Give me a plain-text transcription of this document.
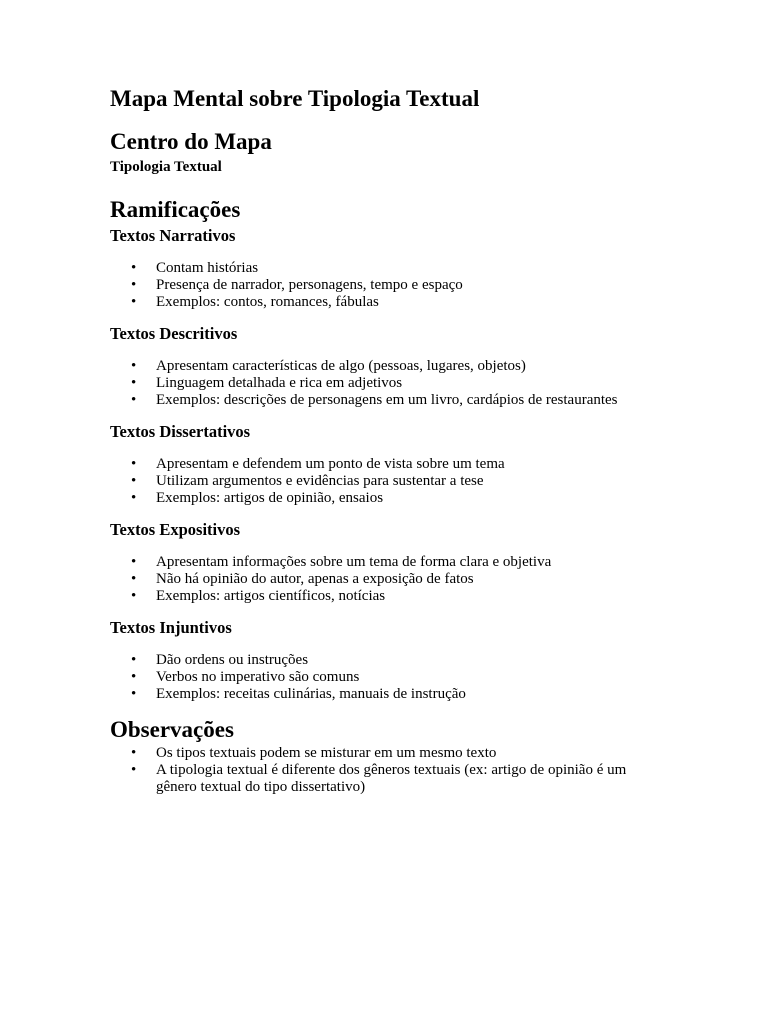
Mapa Mental sobre Tipologia Textual
Centro do Mapa

Tipologia Textual

Ramificações
Textos Narrativos
• Contam histórias
• Presença de narrador, personagens, tempo e espaço
• Exemplos: contos, romances, fábulas
Textos Descritivos
• Apresentam características de algo (pessoas, lugares, objetos)
• Linguagem detalhada e rica em adjetivos
• Exemplos: descrições de personagens em um livro, cardápios de restaurantes
Textos Dissertativos
• Apresentam e defendem um ponto de vista sobre um tema
• Utilizam argumentos e evidências para sustentar a tese
• Exemplos: artigos de opinião, ensaios
Textos Expositivos
• Apresentam informações sobre um tema de forma clara e objetiva
• Não há opinião do autor, apenas a exposição de fatos
• Exemplos: artigos científicos, notícias
Textos Injuntivos
• Dão ordens ou instruções
• Verbos no imperativo são comuns
• Exemplos: receitas culinárias, manuais de instrução
Observações
• Os tipos textuais podem se misturar em um mesmo texto
• A tipologia textual é diferente dos gêneros textuais (ex: artigo de opinião é um gênero textual do tipo dissertativo)
